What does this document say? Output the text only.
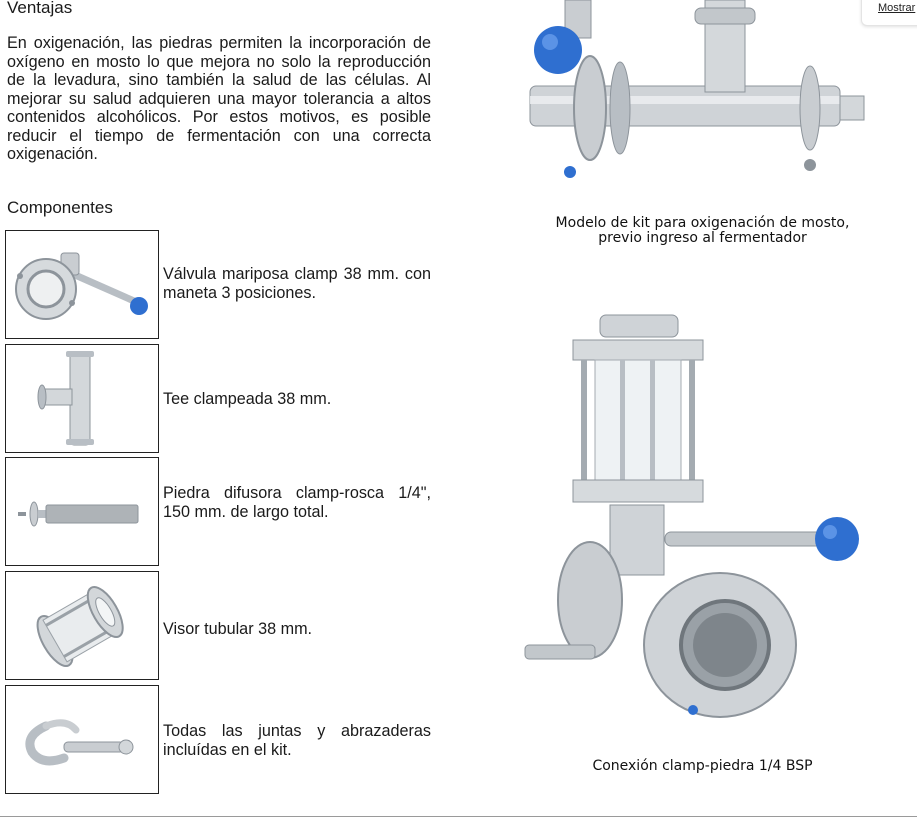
Ventajas

En oxigenación, las piedras permiten la incorporación de oxígeno en mosto lo que mejora no solo la reproducción de la levadura, sino también la salud de las células. Al mejorar su salud adquieren una mayor tolerancia a altos contenidos alcohólicos. Por estos motivos, es posible reducir el tiempo de fermentación con una correcta oxigenación.

Componentes
Válvula mariposa clamp 38 mm. con maneta 3 posiciones.
Tee clampeada 38 mm.
Piedra difusora clamp-rosca 1/4", 150 mm. de largo total.
Visor tubular 38 mm.
Todas las juntas y abrazaderas incluídas en el kit.
Modelo de kit para oxigenación de mosto, previo ingreso al fermentador
Conexión clamp-piedra 1/4 BSP
Mostrar
